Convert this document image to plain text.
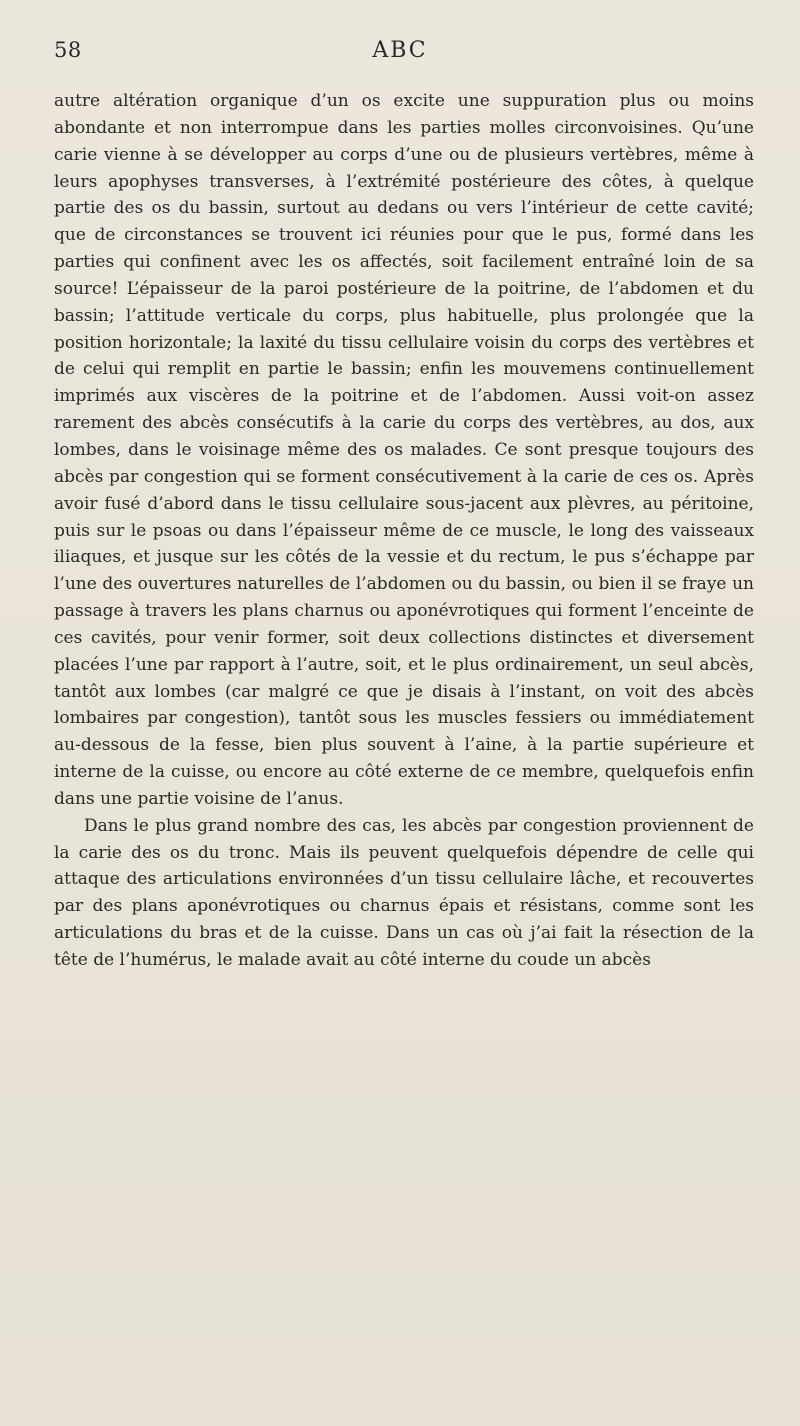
58	ABC

autre altération organique d’un os excite une suppuration plus ou moins abondante et non interrompue dans les parties molles circonvoisines. Qu’une carie vienne à se développer au corps d’une ou de plusieurs vertèbres, même à leurs apophyses transverses, à l’extrémité postérieure des côtes, à quelque partie des os du bassin, surtout au dedans ou vers l’intérieur de cette cavité; que de circonstances se trouvent ici réunies pour que le pus, formé dans les parties qui confinent avec les os affectés, soit facilement entraîné loin de sa source! L’épaisseur de la paroi postérieure de la poitrine, de l’abdomen et du bassin; l’attitude verticale du corps, plus habituelle, plus prolongée que la position horizontale; la laxité du tissu cellulaire voisin du corps des vertèbres et de celui qui remplit en partie le bassin; enfin les mouvemens continuellement imprimés aux viscères de la poitrine et de l’abdomen. Aussi voit-on assez rarement des abcès consécutifs à la carie du corps des vertèbres, au dos, aux lombes, dans le voisinage même des os malades. Ce sont presque toujours des abcès par congestion qui se forment consécutivement à la carie de ces os. Après avoir fusé d’abord dans le tissu cellulaire sous-jacent aux plèvres, au péritoine, puis sur le psoas ou dans l’épaisseur même de ce muscle, le long des vaisseaux iliaques, et jusque sur les côtés de la vessie et du rectum, le pus s’échappe par l’une des ouvertures naturelles de l’abdomen ou du bassin, ou bien il se fraye un passage à travers les plans charnus ou aponévrotiques qui forment l’enceinte de ces cavités, pour venir former, soit deux collections distinctes et diversement placées l’une par rapport à l’autre, soit, et le plus ordinairement, un seul abcès, tantôt aux lombes (car malgré ce que je disais à l’instant, on voit des abcès lombaires par congestion), tantôt sous les muscles fessiers ou immédiatement au-dessous de la fesse, bien plus souvent à l’aine, à la partie supérieure et interne de la cuisse, ou encore au côté externe de ce membre, quelquefois enfin dans une partie voisine de l’anus.

Dans le plus grand nombre des cas, les abcès par congestion proviennent de la carie des os du tronc. Mais ils peuvent quelquefois dépendre de celle qui attaque des articulations environnées d’un tissu cellulaire lâche, et recouvertes par des plans aponévrotiques ou charnus épais et résistans, comme sont les articulations du bras et de la cuisse. Dans un cas où j’ai fait la résection de la tête de l’humérus, le malade avait au côté interne du coude un abcès
